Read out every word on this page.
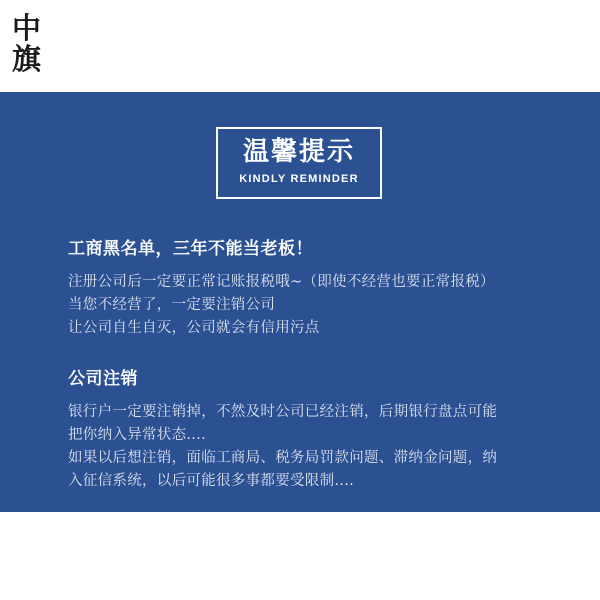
中
旗
温馨提示
KINDLY REMINDER

工商黑名单，三年不能当老板！

注册公司后一定要正常记账报税哦~（即使不经营也要正常报税）

当您不经营了，一定要注销公司

让公司自生自灭，公司就会有信用污点

公司注销

银行户一定要注销掉，不然及时公司已经注销，后期银行盘点可能

把你纳入异常状态....

如果以后想注销，面临工商局、税务局罚款问题、滞纳金问题，纳

入征信系统，以后可能很多事都要受限制....
